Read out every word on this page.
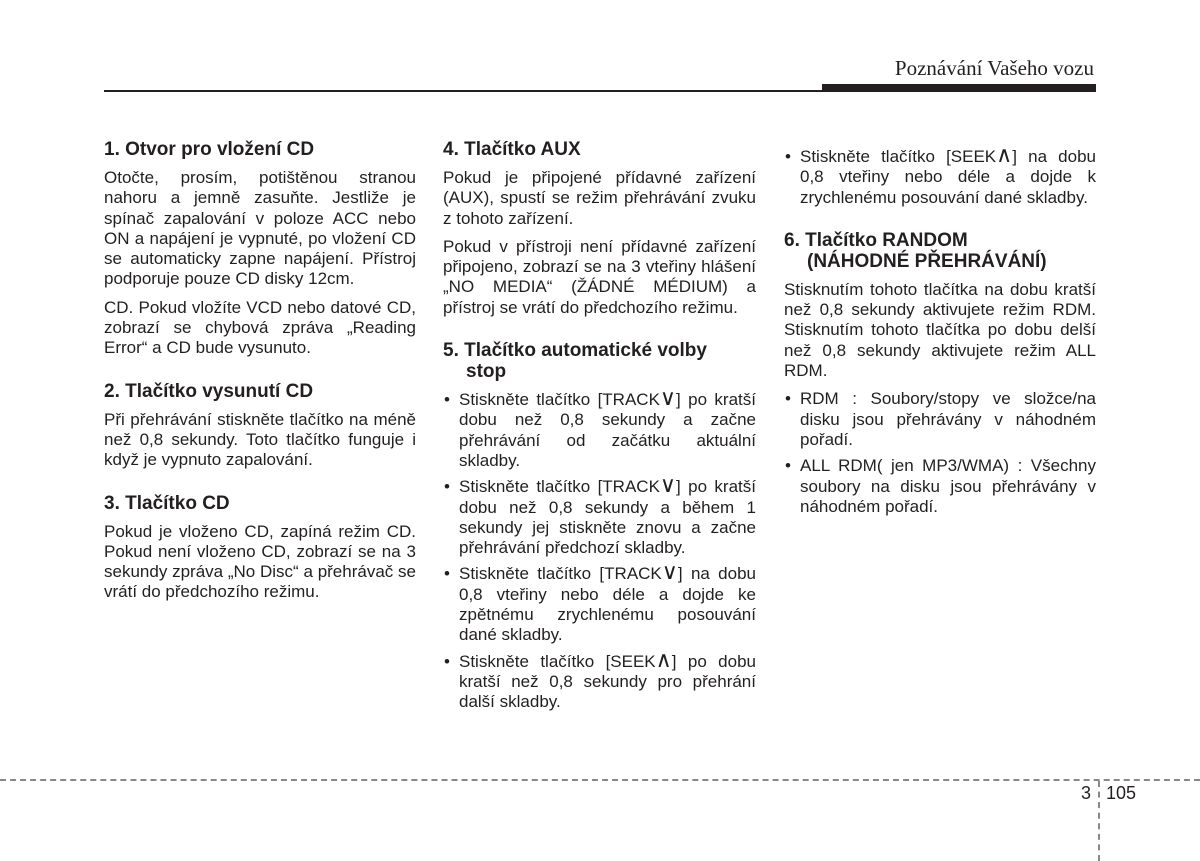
Poznávání Vašeho vozu
1. Otvor pro vložení CD

Otočte, prosím, potištěnou stranou nahoru a jemně zasuňte. Jestliže je spínač zapalování v poloze ACC nebo ON a napájení je vypnuté, po vložení CD se automaticky zapne napájení. Přístroj podporuje pouze CD disky 12cm.

CD. Pokud vložíte VCD nebo datové CD, zobrazí se chybová zpráva „Reading Error“ a CD bude vysunuto.

2. Tlačítko vysunutí CD

Při přehrávání stiskněte tlačítko na méně než 0,8 sekundy. Toto tlačítko funguje i když je vypnuto zapalování.

3. Tlačítko CD

Pokud je vloženo CD, zapíná režim CD. Pokud není vloženo CD, zobrazí se na 3 sekundy zpráva „No Disc“ a přehrávač se vrátí do předchozího režimu.

4. Tlačítko AUX

Pokud je připojené přídavné zařízení (AUX), spustí se režim přehrávání zvuku z tohoto zařízení.

Pokud v přístroji není přídavné zařízení připojeno, zobrazí se na 3 vteřiny hlášení „NO MEDIA“ (ŽÁDNÉ MÉDIUM) a přístroj se vrátí do předchozího režimu.

5. Tlačítko automatické volby
stop
• Stiskněte tlačítko [TRACK∨] po kratší dobu než 0,8 sekundy a začne přehrávání od začátku aktuální skladby.
• Stiskněte tlačítko [TRACK∨] po kratší dobu než 0,8 sekundy a během 1 sekundy jej stiskněte znovu a začne přehrávání předchozí skladby.
• Stiskněte tlačítko [TRACK∨] na dobu 0,8 vteřiny nebo déle a dojde ke zpětnému zrychlenému posouvání dané skladby.
• Stiskněte tlačítko [SEEK∧] po dobu kratší než 0,8 sekundy pro přehrání další skladby.
• Stiskněte tlačítko [SEEK∧] na dobu 0,8 vteřiny nebo déle a dojde k zrychlenému posouvání dané skladby.
6. Tlačítko RANDOM
(NÁHODNÉ PŘEHRÁVÁNÍ)

Stisknutím tohoto tlačítka na dobu kratší než 0,8 sekundy aktivujete režim RDM. Stisknutím tohoto tlačítka po dobu delší než 0,8 sekundy aktivujete režim ALL RDM.

• RDM : Soubory/stopy ve složce/na disku jsou přehrávány v náhodném pořadí.
• ALL RDM( jen MP3/WMA) : Všechny soubory na disku jsou přehrávány v náhodném pořadí.
3 105
